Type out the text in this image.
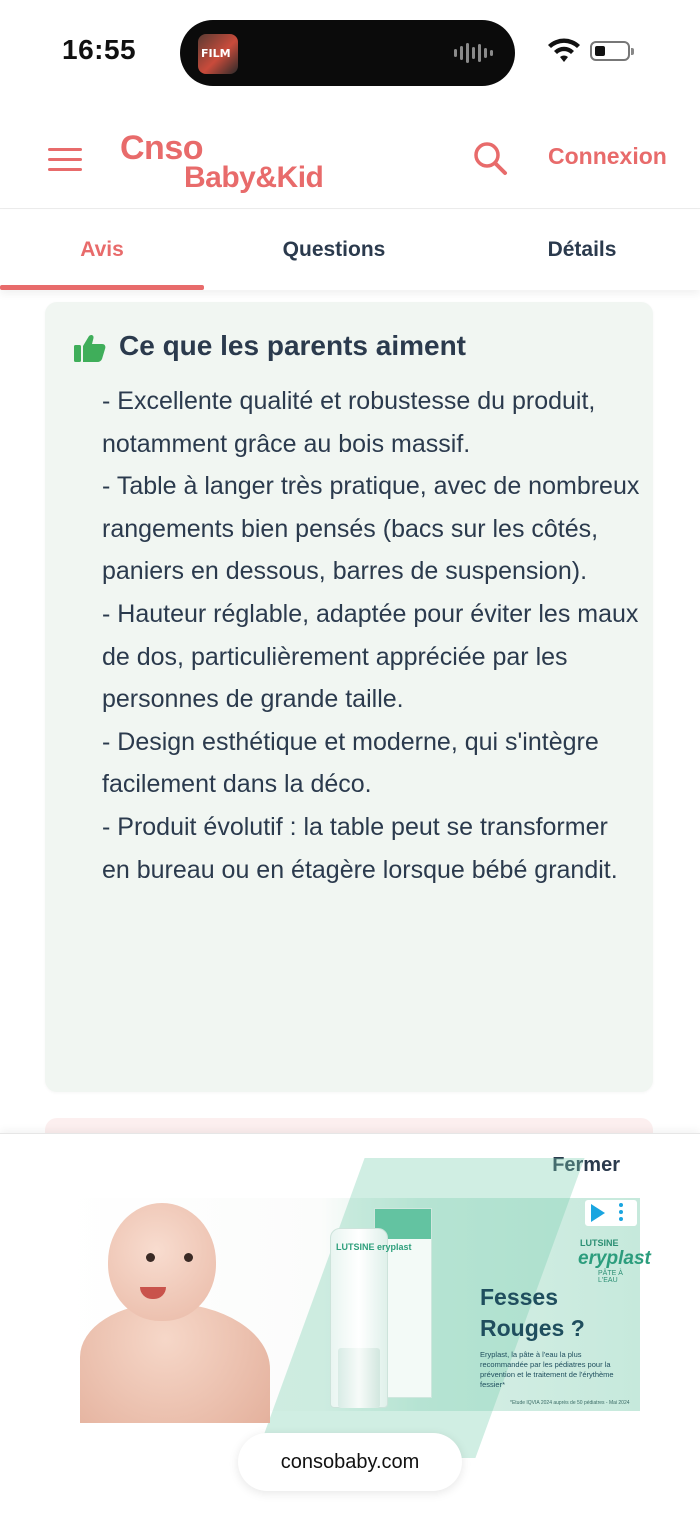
16:55	FILM
Cnso
Baby&Kid
Connexion
Avis	Questions	Détails
Ce que les parents aiment

- Excellente qualité et robustesse du produit, notamment grâce au bois massif.

- Table à langer très pratique, avec de nombreux rangements bien pensés (bacs sur les côtés, paniers en dessous, barres de suspension).

- Hauteur réglable, adaptée pour éviter les maux de dos, particulièrement appréciée par les personnes de grande taille.

- Design esthétique et moderne, qui s'intègre facilement dans la déco.

- Produit évolutif : la table peut se transformer en bureau ou en étagère lorsque bébé grandit.

Fermer
LUTSINE eryplast	LUTSINE
eryplast
PÂTE À L'EAU
Fesses Rouges ?
Eryplast, la pâte à l'eau la plus recommandée par les pédiatres pour la prévention et le traitement de l'érythème fessier*
*Etude IQVIA 2024 auprès de 50 pédiatres - Mai 2024
consobaby.com
